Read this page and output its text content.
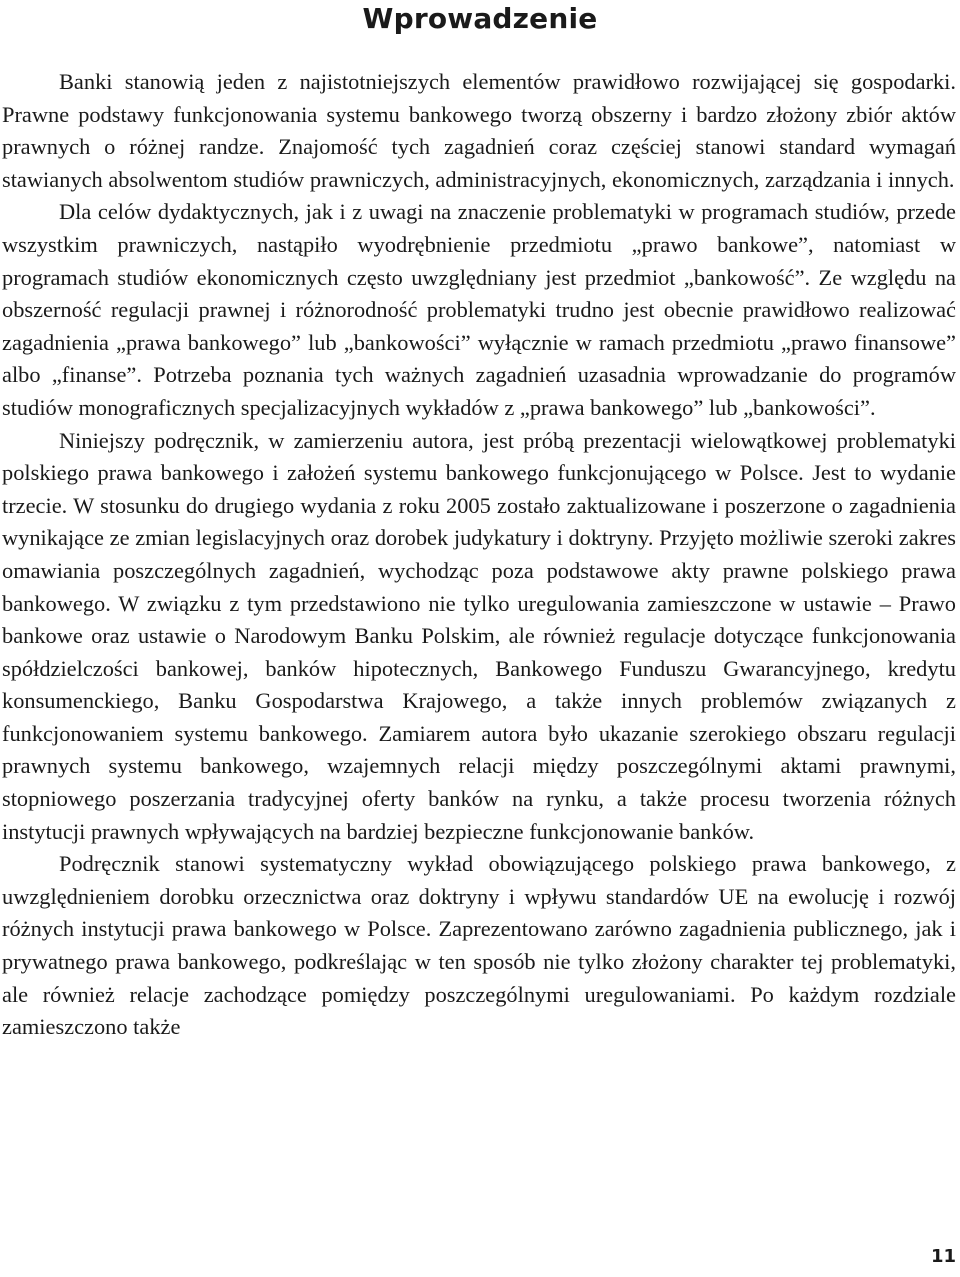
Wprowadzenie

Banki stanowią jeden z najistotniejszych elementów prawidłowo rozwijającej się gospodarki. Prawne podstawy funkcjonowania systemu bankowego tworzą obszerny i bardzo złożony zbiór aktów prawnych o różnej randze. Znajomość tych zagadnień coraz częściej stanowi standard wymagań stawianych absolwentom studiów prawniczych, administracyjnych, ekonomicznych, zarządzania i innych.

Dla celów dydaktycznych, jak i z uwagi na znaczenie problematyki w programach studiów, przede wszystkim prawniczych, nastąpiło wyodrębnienie przedmiotu „prawo bankowe”, natomiast w programach studiów ekonomicznych często uwzględniany jest przedmiot „bankowość”. Ze względu na obszerność regulacji prawnej i różnorodność problematyki trudno jest obecnie prawidłowo realizować zagadnienia „prawa bankowego” lub „bankowości” wyłącznie w ramach przedmiotu „prawo finansowe” albo „finanse”. Potrzeba poznania tych ważnych zagadnień uzasadnia wprowadzanie do programów studiów monograficznych specjalizacyjnych wykładów z „prawa bankowego” lub „bankowości”.

Niniejszy podręcznik, w zamierzeniu autora, jest próbą prezentacji wielowątkowej problematyki polskiego prawa bankowego i założeń systemu bankowego funkcjonującego w Polsce. Jest to wydanie trzecie. W stosunku do drugiego wydania z roku 2005 zostało zaktualizowane i poszerzone o zagadnienia wynikające ze zmian legislacyjnych oraz dorobek judykatury i doktryny. Przyjęto możliwie szeroki zakres omawiania poszczególnych zagadnień, wychodząc poza podstawowe akty prawne polskiego prawa bankowego. W związku z tym przedstawiono nie tylko uregulowania zamieszczone w ustawie – Prawo bankowe oraz ustawie o Narodowym Banku Polskim, ale również regulacje dotyczące funkcjonowania spółdzielczości bankowej, banków hipotecznych, Bankowego Funduszu Gwarancyjnego, kredytu konsumenckiego, Banku Gospodarstwa Krajowego, a także innych problemów związanych z funkcjonowaniem systemu bankowego. Zamiarem autora było ukazanie szerokiego obszaru regulacji prawnych systemu bankowego, wzajemnych relacji między poszczególnymi aktami prawnymi, stopniowego poszerzania tradycyjnej oferty banków na rynku, a także procesu tworzenia różnych instytucji prawnych wpływających na bardziej bezpieczne funkcjonowanie banków.

Podręcznik stanowi systematyczny wykład obowiązującego polskiego prawa bankowego, z uwzględnieniem dorobku orzecznictwa oraz doktryny i wpływu standardów UE na ewolucję i rozwój różnych instytucji prawa bankowego w Polsce. Zaprezentowano zarówno zagadnienia publicznego, jak i prywatnego prawa bankowego, podkreślając w ten sposób nie tylko złożony charakter tej problematyki, ale również relacje zachodzące pomiędzy poszczególnymi uregulowaniami. Po każdym rozdziale zamieszczono także

11
